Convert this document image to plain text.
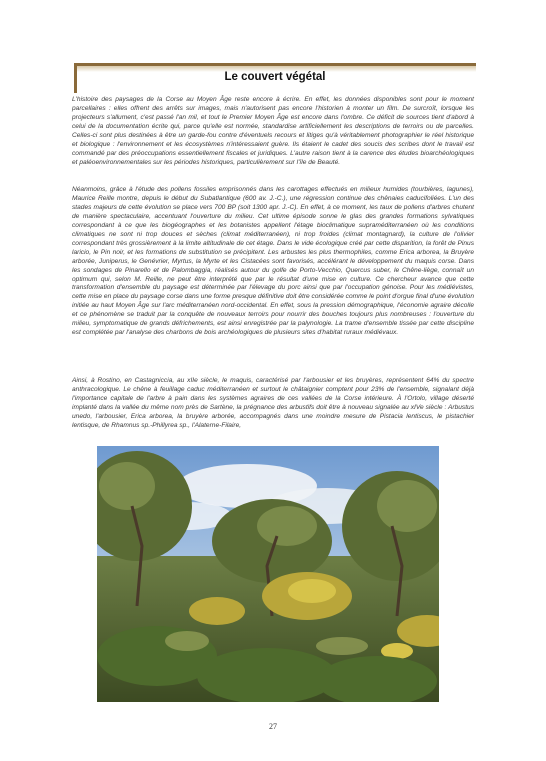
Le couvert végétal

L'histoire des paysages de la Corse au Moyen Âge reste encore à écrire. En effet, les données disponibles sont pour le moment parcellaires : elles offrent des arrêts sur images, mais n'autorisent pas encore l'historien à monter un film. De surcroît, lorsque les projecteurs s'allument, c'est passé l'an mil, et tout le Premier Moyen Âge est encore dans l'ombre. Ce déficit de sources tient d'abord à celui de la documentation écrite qui, parce qu'elle est normée, standardise artificiellement les descriptions de terroirs ou de parcelles. Celles-ci sont plus destinées à être un garde-fou contre d'éventuels recours et litiges qu'à véritablement photographier le réel historique et biologique : l'environnement et les écosystèmes n'intéressaient guère. Ils étaient le cadet des soucis des scribes dont le travail est commandé par des préoccupations essentiellement fiscales et juridiques. L'autre raison tient à la carence des études bioarchéologiques et paléoenvironnementales sur les périodes historiques, particulièrement sur l'île de Beauté.

Néanmoins, grâce à l'étude des pollens fossiles emprisonnés dans les carottages effectués en milieux humides (tourbières, lagunes), Maurice Reille montre, depuis le début du Subatlantique (600 av. J.-C.), une régression continue des chênaies caducifoliées. L'un des stades majeurs de cette évolution se place vers 700 BP (soit 1300 apr. J.-C). En effet, à ce moment, les taux de pollens d'arbres chutent de manière spectaculaire, accentuant l'ouverture du milieu. Cet ultime épisode sonne le glas des grandes formations sylvatiques correspondant à ce que les biogéographes et les botanistes appellent l'étage bioclimatique supraméditerranéen où les conditions climatiques ne sont ni trop douces et sèches (climat méditerranéen), ni trop froides (climat montagnard), la culture de l'olivier correspondant très grossièrement à la limite altitudinale de cet étage. Dans le vide écologique créé par cette disparition, la forêt de Pinus laricio, le Pin noir, et les formations de substitution se précipitent. Les arbustes les plus thermophiles, comme Erica arborea, la Bruyère arborée, Juniperus, le Genévrier, Myrtus, la Myrte et les Cistacées sont favorisés, accélérant le développement du maquis corse. Dans les sondages de Pinarello et de Palombaggia, réalisés autour du golfe de Porto-Vecchio, Quercus suber, le Chêne-liège, connaît un optimum qui, selon M. Reille, ne peut être interprété que par le résultat d'une mise en culture. Ce chercheur avance que cette transformation d'ensemble du paysage est déterminée par l'élevage du porc ainsi que par l'occupation génoise. Pour les médiévistes, cette mise en place du paysage corse dans une forme presque définitive doit être considérée comme le point d'orgue final d'une évolution initiée au haut Moyen Âge sur l'arc méditerranéen nord-occidental. En effet, sous la pression démographique, l'économie agraire décolle et ce phénomène se traduit par la conquête de nouveaux terroirs pour nourrir des bouches toujours plus nombreuses : l'ouverture du milieu, symptomatique de grands défrichements, est ainsi enregistrée par la palynologie. La trame d'ensemble tissée par cette discipline est complétée par l'analyse des charbons de bois archéologiques de plusieurs sites d'habitat ruraux médiévaux.

Ainsi, à Rostino, en Castagniccia, au xIIe siècle, le maquis, caractérisé par l'arbousier et les bruyères, représentent 64% du spectre anthracologique. Le chêne à feuillage caduc méditerranéen et surtout le châtaignier comptent pour 23% de l'ensemble, signalant déjà l'importance capitale de l'arbre à pain dans les systèmes agraires de ces vallées de la Corse intérieure. À l'Ortolo, village déserté implanté dans la vallée du même nom près de Sartène, la prégnance des arbustifs doit être à nouveau signalée au xIVe siècle : Arbustus unedo, l'arbousier, Erica arborea, la bruyère arborée, accompagnés dans une moindre mesure de Pistacia lentiscus, le pistachier lentisque, de Rhamnus sp.-Phillyrea sp., l'Alaterne-Filaire,

27
